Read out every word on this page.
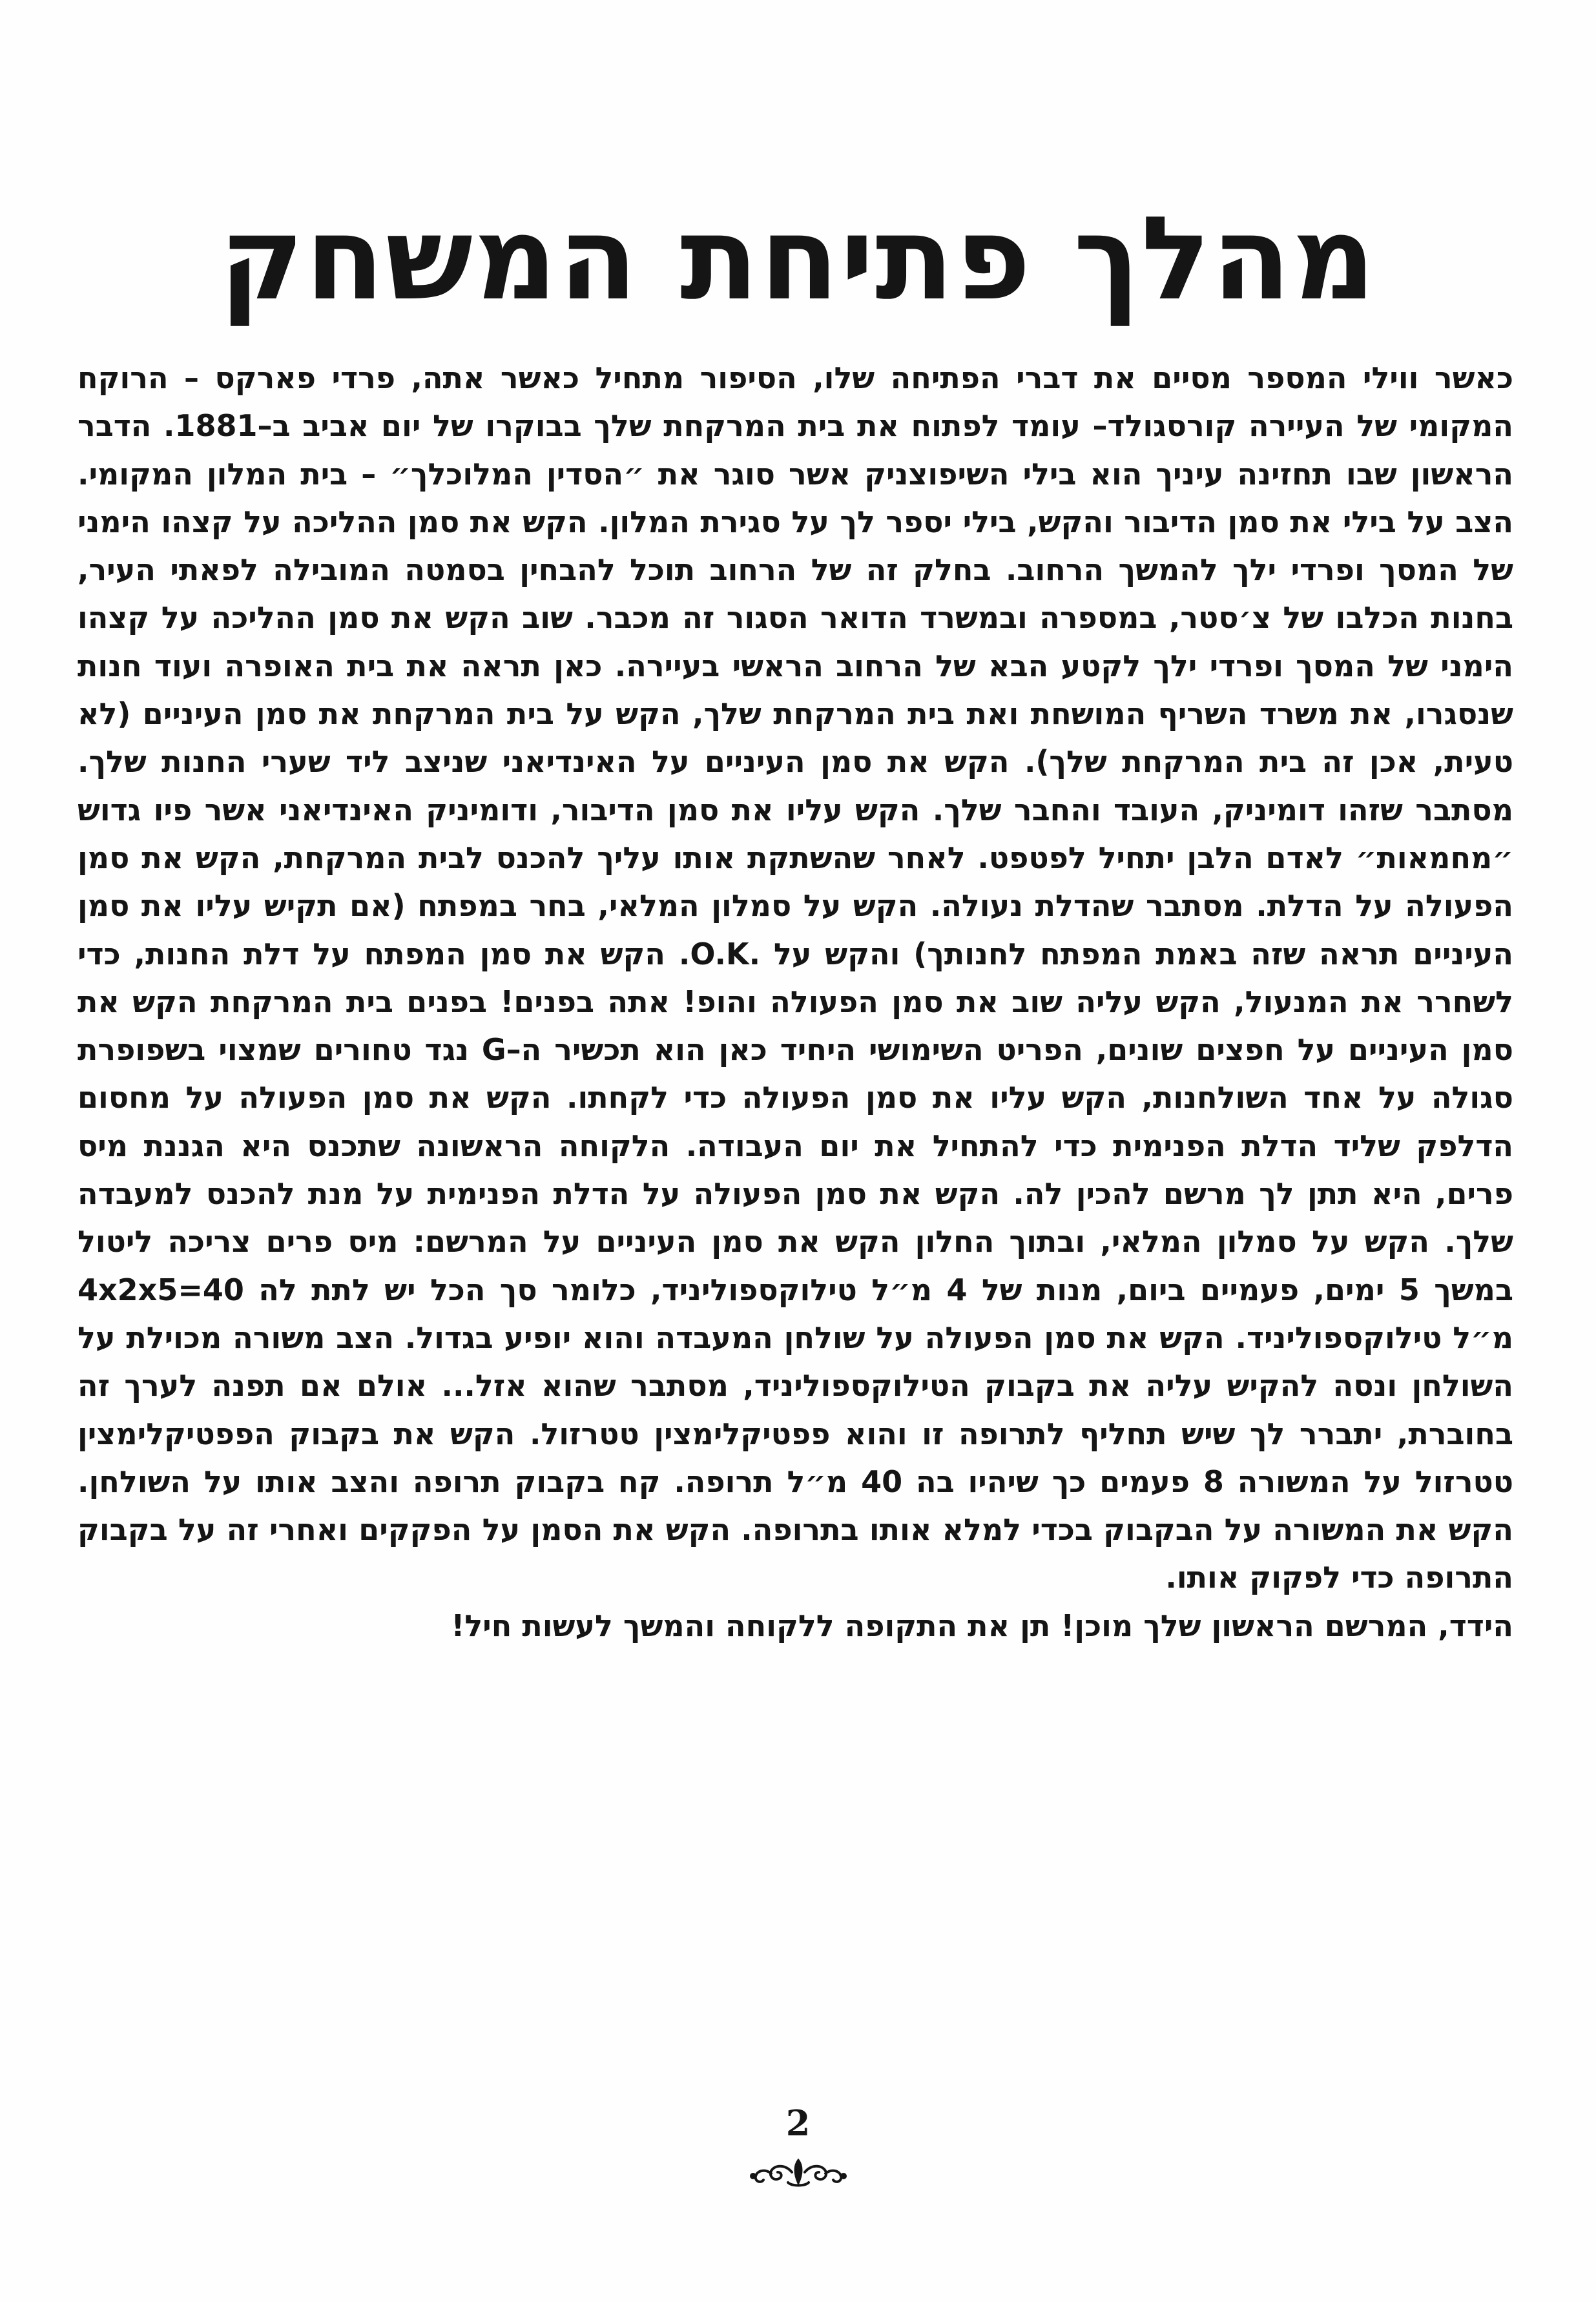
מהלך פתיחת המשחק

כאשר ווילי המספר מסיים את דברי הפתיחה שלו, הסיפור מתחיל כאשר אתה, פרדי פארקס – הרוקח המקומי של העיירה קורסגולד– עומד לפתוח את בית המרקחת שלך בבוקרו של יום אביב ב–1881. הדבר הראשון שבו תחזינה עיניך הוא בילי השיפוצניק אשר סוגר את ״הסדין המלוכלך״ – בית המלון המקומי. הצב על בילי את סמן הדיבור והקש, בילי יספר לך על סגירת המלון. הקש את סמן ההליכה על קצהו הימני של המסך ופרדי ילך להמשך הרחוב. בחלק זה של הרחוב תוכל להבחין בסמטה המובילה לפאתי העיר, בחנות הכלבו של צ׳סטר, במספרה ובמשרד הדואר הסגור זה מכבר. שוב הקש את סמן ההליכה על קצהו הימני של המסך ופרדי ילך לקטע הבא של הרחוב הראשי בעיירה. כאן תראה את בית האופרה ועוד חנות שנסגרו, את משרד השריף המושחת ואת בית המרקחת שלך, הקש על בית המרקחת את סמן העיניים (לא טעית, אכן זה בית המרקחת שלך). הקש את סמן העיניים על האינדיאני שניצב ליד שערי החנות שלך. מסתבר שזהו דומיניק, העובד והחבר שלך. הקש עליו את סמן הדיבור, ודומיניק האינדיאני אשר פיו גדוש ״מחמאות״ לאדם הלבן יתחיל לפטפט. לאחר שהשתקת אותו עליך להכנס לבית המרקחת, הקש את סמן הפעולה על הדלת. מסתבר שהדלת נעולה. הקש על סמלון המלאי, בחר במפתח (אם תקיש עליו את סמן העיניים תראה שזה באמת המפתח לחנותך) והקש על .O.K. הקש את סמן המפתח על דלת החנות, כדי לשחרר את המנעול, הקש עליה שוב את סמן הפעולה והופ! אתה בפנים! בפנים בית המרקחת הקש את סמן העיניים על חפצים שונים, הפריט השימושי היחיד כאן הוא תכשיר ה–G נגד טחורים שמצוי בשפופרת סגולה על אחד השולחנות, הקש עליו את סמן הפעולה כדי לקחתו. הקש את סמן הפעולה על מחסום הדלפק שליד הדלת הפנימית כדי להתחיל את יום העבודה. הלקוחה הראשונה שתכנס היא הגננת מיס פרים, היא תתן לך מרשם להכין לה. הקש את סמן הפעולה על הדלת הפנימית על מנת להכנס למעבדה שלך. הקש על סמלון המלאי, ובתוך החלון הקש את סמן העיניים על המרשם: מיס פרים צריכה ליטול במשך 5 ימים, פעמיים ביום, מנות של 4 מ״ל טילוקספוליניד, כלומר סך הכל יש לתת לה 40=4x2x5 מ״ל טילוקספוליניד. הקש את סמן הפעולה על שולחן המעבדה והוא יופיע בגדול. הצב משורה מכוילת על השולחן ונסה להקיש עליה את בקבוק הטילוקספוליניד, מסתבר שהוא אזל... אולם אם תפנה לערך זה בחוברת, יתברר לך שיש תחליף לתרופה זו והוא פפטיקלימצין טטרזול. הקש את בקבוק הפפטיקלימצין טטרזול על המשורה 8 פעמים כך שיהיו בה 40 מ״ל תרופה. קח בקבוק תרופה והצב אותו על השולחן. הקש את המשורה על הבקבוק בכדי למלא אותו בתרופה. הקש את הסמן על הפקקים ואחרי זה על בקבוק התרופה כדי לפקוק אותו.

הידד, המרשם הראשון שלך מוכן! תן את התקופה ללקוחה והמשך לעשות חיל!

2
